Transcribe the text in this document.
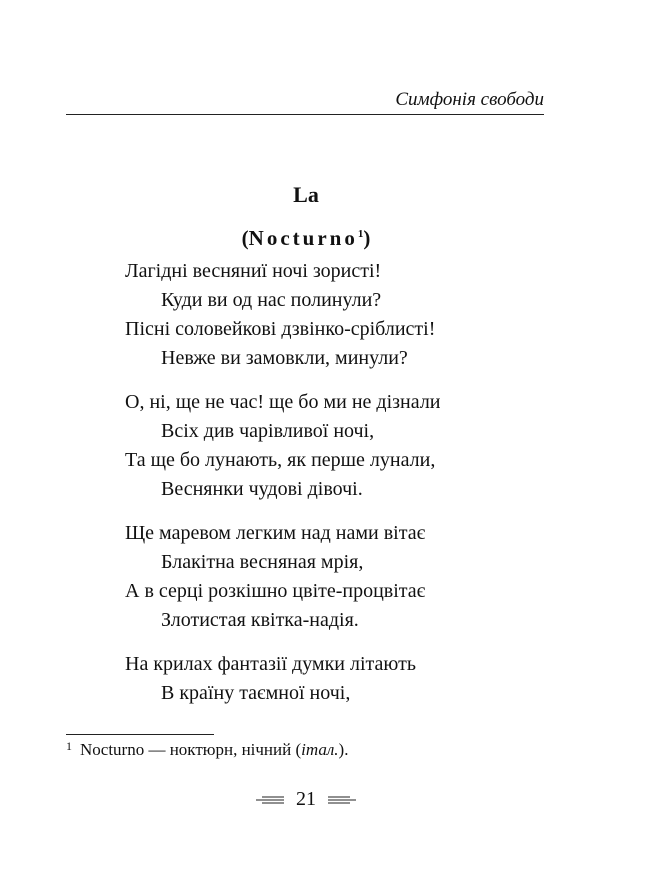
Симфонія свободи
La
(Nocturno$^1$)
Лагідні весняниї ночі зористі!
Куди ви од нас полинули?
Пісні соловейкові дзвінко-сріблисті!
Невже ви замовкли, минули?
О, ні, ще не час! ще бо ми не дізнали
Всіх див чарівливої ночі,
Та ще бо лунають, як перше лунали,
Веснянки чудові дівочі.
Ще маревом легким над нами вітає
Блакітна весняная мрія,
А в серці розкішно цвіте-процвітає
Злотистая квітка-надія.
На крилах фантазії думки літають
В країну таємної ночі,
$^1$ Nocturno — ноктюрн, нічний (італ.).
21
